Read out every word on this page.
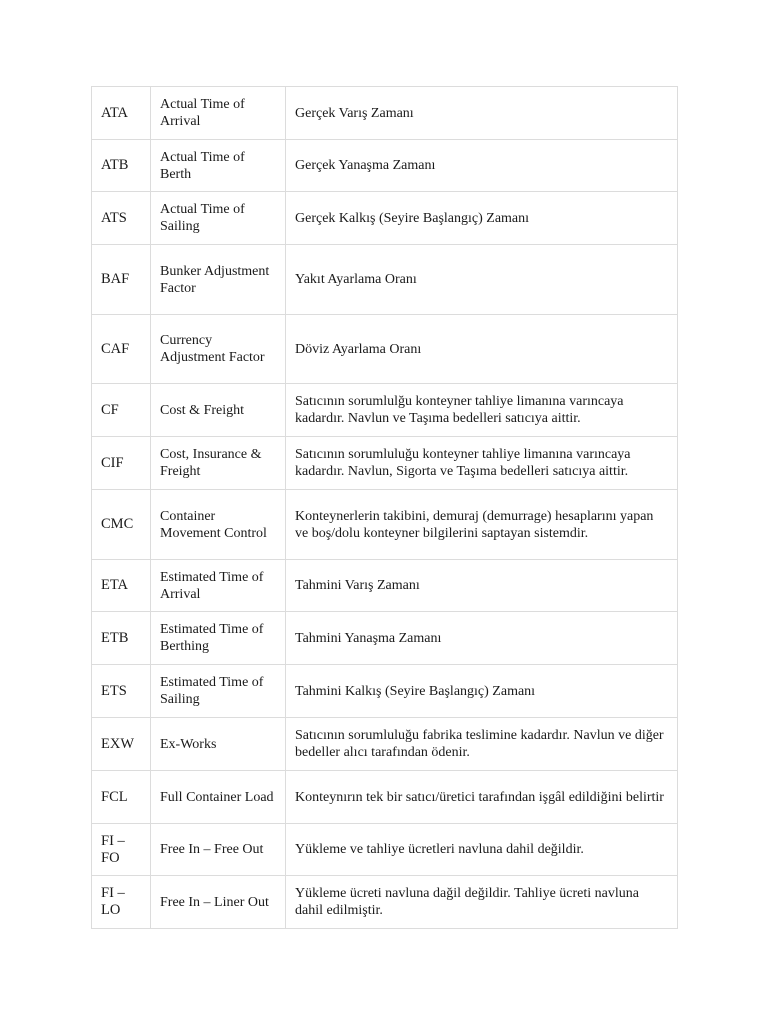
ATA	Actual Time of Arrival	Gerçek Varış Zamanı
ATB	Actual Time of Berth	Gerçek Yanaşma Zamanı
ATS	Actual Time of Sailing	Gerçek Kalkış (Seyire Başlangıç) Zamanı
BAF	Bunker Adjustment Factor	Yakıt Ayarlama Oranı
CAF	Currency Adjustment Factor	Döviz Ayarlama Oranı
CF	Cost & Freight	Satıcının sorumlulğu konteyner tahliye limanına varıncaya kadardır. Navlun ve Taşıma bedelleri satıcıya aittir.
CIF	Cost, Insurance & Freight	Satıcının sorumluluğu konteyner tahliye limanına varıncaya kadardır. Navlun, Sigorta ve Taşıma bedelleri satıcıya aittir.
CMC	Container Movement Control	Konteynerlerin takibini, demuraj (demurrage) hesaplarını yapan ve boş/dolu konteyner bilgilerini saptayan sistemdir.
ETA	Estimated Time of Arrival	Tahmini Varış Zamanı
ETB	Estimated Time of Berthing	Tahmini Yanaşma Zamanı
ETS	Estimated Time of Sailing	Tahmini Kalkış (Seyire Başlangıç) Zamanı
EXW	Ex-Works	Satıcının sorumluluğu fabrika teslimine kadardır. Navlun ve diğer bedeller alıcı tarafından ödenir.
FCL	Full Container Load	Konteynırın tek bir satıcı/üretici tarafından işgâl edildiğini belirtir
FI – FO	Free In – Free Out	Yükleme ve tahliye ücretleri navluna dahil değildir.
FI – LO	Free In – Liner Out	Yükleme ücreti navluna dağil değildir. Tahliye ücreti navluna dahil edilmiştir.
